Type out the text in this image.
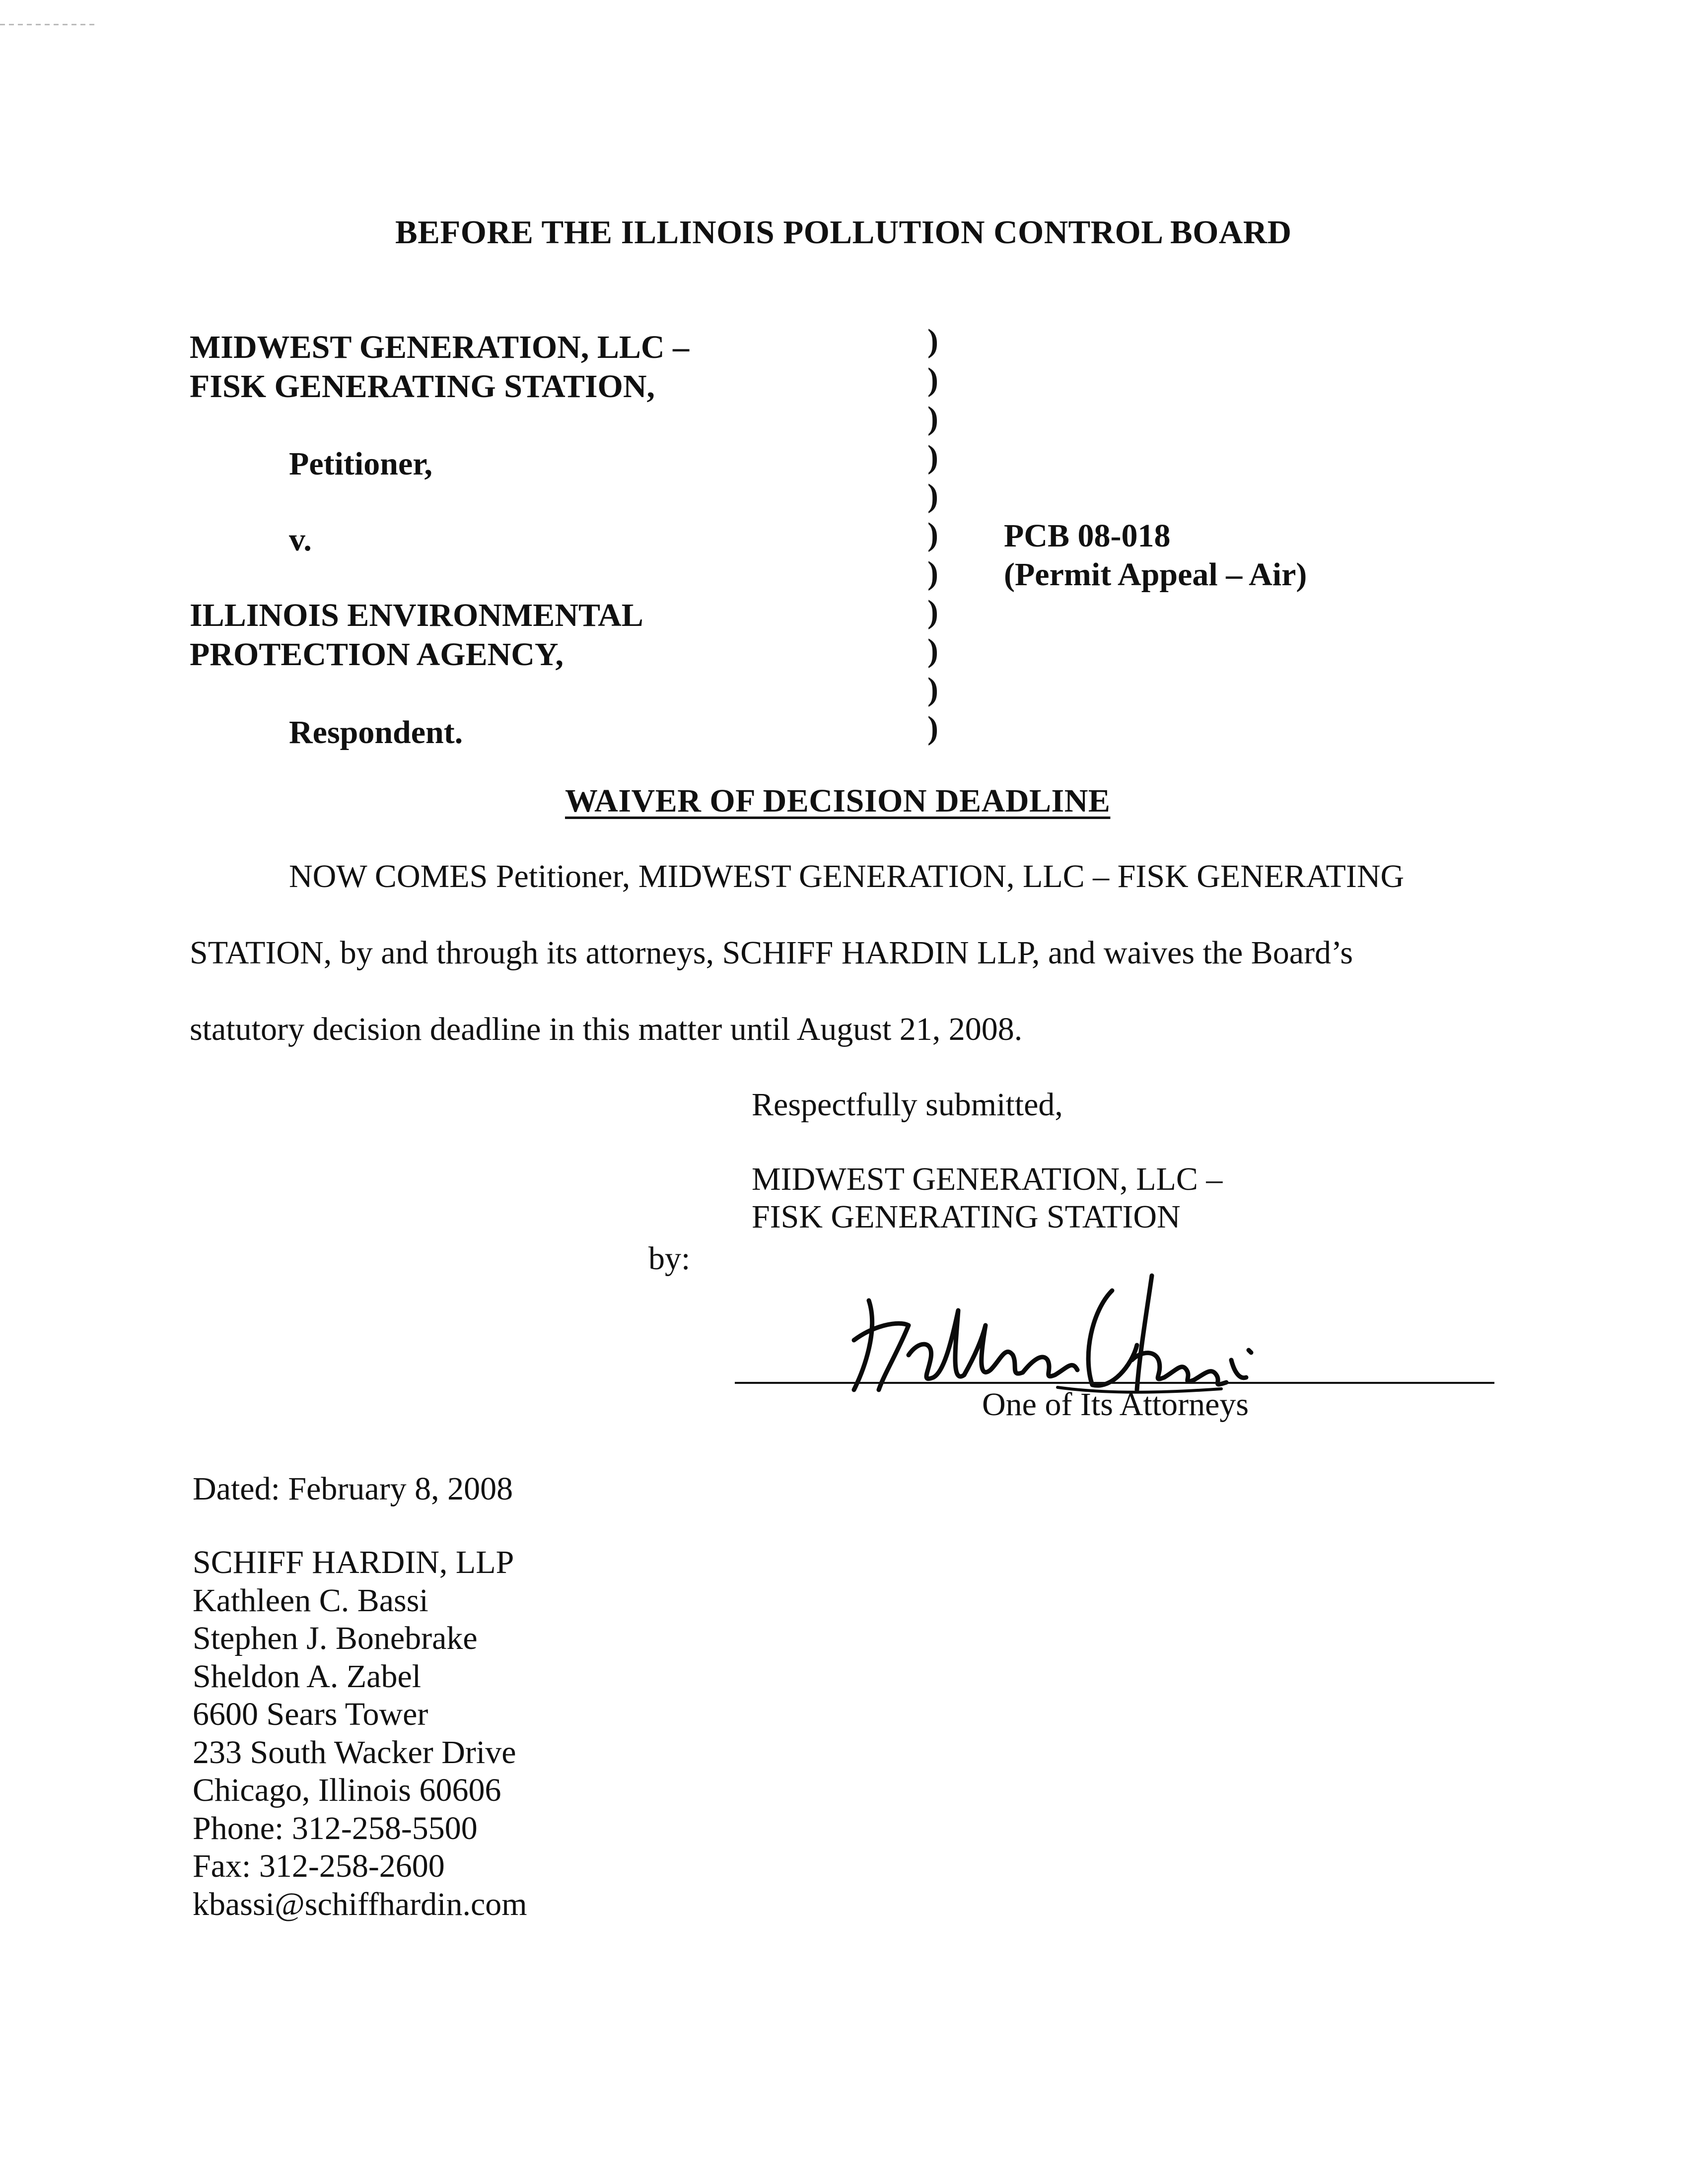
BEFORE THE ILLINOIS POLLUTION CONTROL BOARD
MIDWEST GENERATION, LLC –
FISK GENERATING STATION,
Petitioner,
v.
ILLINOIS ENVIRONMENTAL
PROTECTION AGENCY,
Respondent.
)
)
)
)
)
)
)
)
)
)
)
PCB 08-018
(Permit Appeal – Air)
WAIVER OF DECISION DEADLINE
NOW COMES Petitioner, MIDWEST GENERATION, LLC – FISK GENERATING
STATION, by and through its attorneys, SCHIFF HARDIN LLP, and waives the Board’s
statutory decision deadline in this matter until August 21, 2008.
Respectfully submitted,
MIDWEST GENERATION, LLC –
FISK GENERATING STATION
by:
One of Its Attorneys
Dated: February 8, 2008
SCHIFF HARDIN, LLP
Kathleen C. Bassi
Stephen J. Bonebrake
Sheldon A. Zabel
6600 Sears Tower
233 South Wacker Drive
Chicago, Illinois 60606
Phone: 312-258-5500
Fax: 312-258-2600
kbassi@schiffhardin.com
